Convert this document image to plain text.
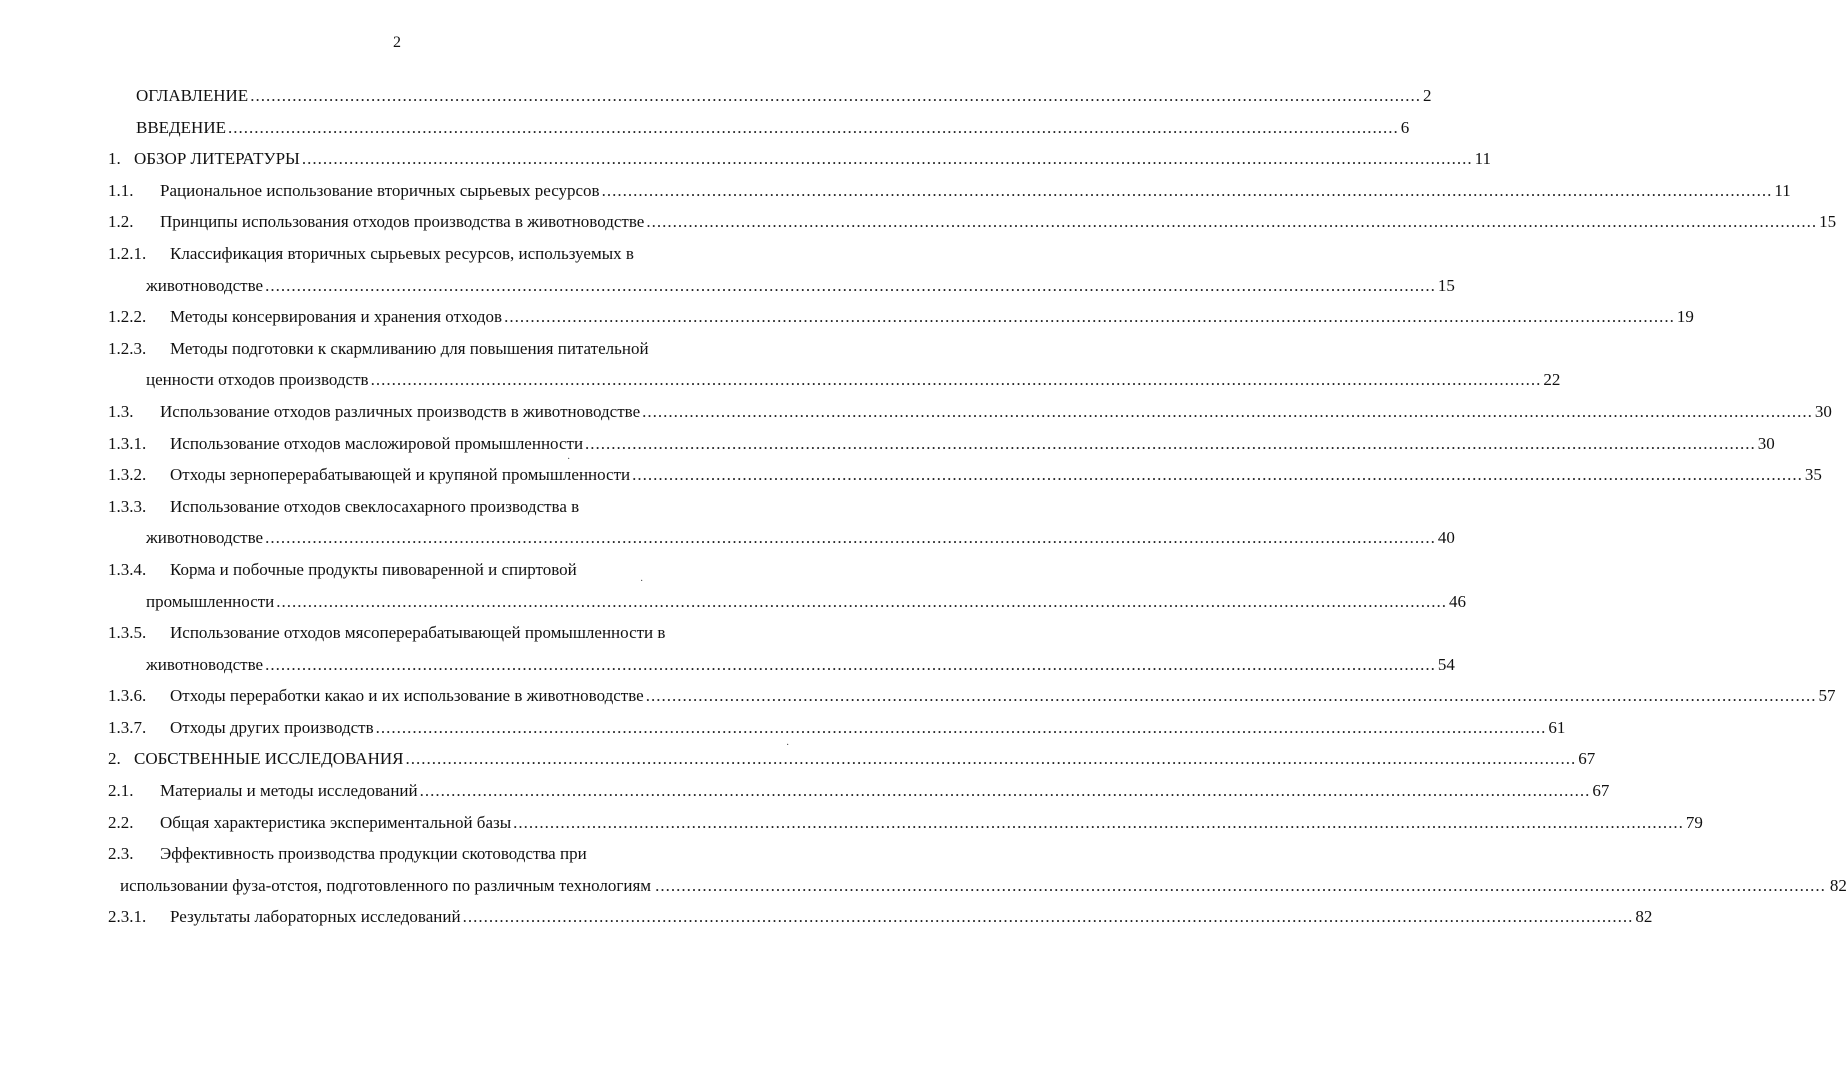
2
ОГЛАВЛЕНИЕ .....	2
ВВЕДЕНИЕ .....	6
1. ОБЗОР ЛИТЕРАТУРЫ .....	11
1.1.	Рациональное использование вторичных сырьевых ресурсов .....	11
1.2.	Принципы использования отходов производства в животноводстве .....	15
1.2.1.	Классификация вторичных сырьевых ресурсов, используемых в
животноводстве .....	15
1.2.2.	Методы консервирования и хранения отходов .....	19
1.2.3.	Методы подготовки к скармливанию для повышения питательной
ценности отходов производств .....	22
1.3.	Использование отходов различных производств в животноводстве .....	30
1.3.1.	Использование отходов масложировой промышленности .....	30
1.3.2.	Отходы зерноперерабатывающей и крупяной промышленности .....	35
1.3.3.	Использование отходов свеклосахарного производства в
животноводстве .....	40
1.3.4.	Корма и побочные продукты пивоваренной и спиртовой
промышленности .....	46
1.3.5.	Использование отходов мясоперерабатывающей промышленности в
животноводстве .....	54
1.3.6.	Отходы переработки какао и их использование в животноводстве .....	57
1.3.7.	Отходы других производств .....	61
2. СОБСТВЕННЫЕ ИССЛЕДОВАНИЯ .....	67
2.1.	Материалы и методы исследований .....	67
2.2.	Общая характеристика экспериментальной базы .....	79
2.3.	Эффективность производства продукции скотоводства при
использовании фуза-отстоя, подготовленного по различным технологиям .....	82
2.3.1.	Результаты лабораторных исследований .....	82
·
·
·
